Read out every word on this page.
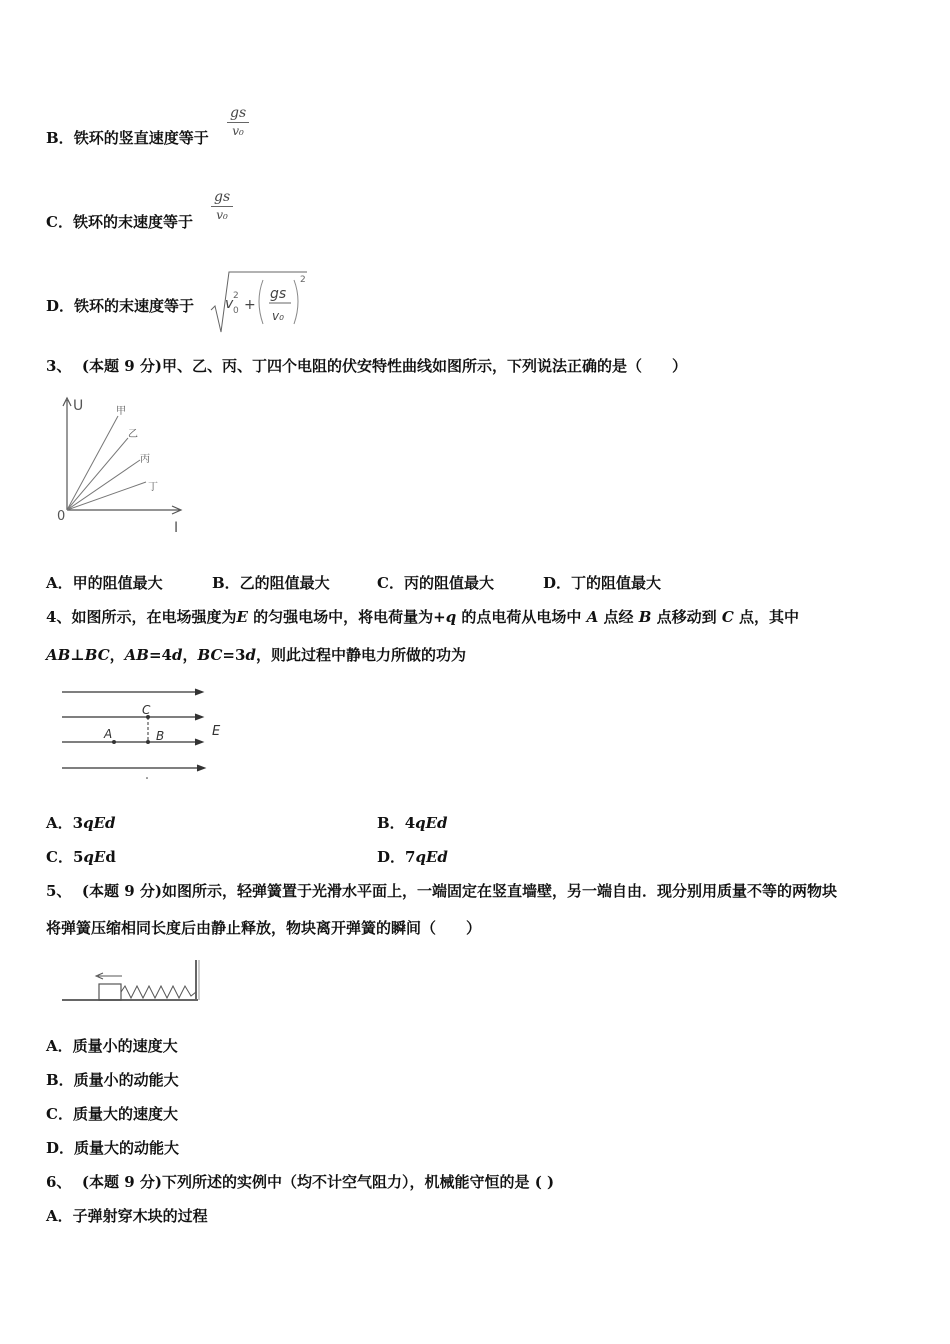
B．铁环的竖直速度等于 $\frac{gs}{\text{v₀}}$
C．铁环的末速度等于 $\frac{gs}{\text{v₀}}$
D．铁环的末速度等于 v 0
2
+
gs
v₀
2
3、 (本题 9 分)甲、乙、丙、丁四个电阻的伏安特性曲线如图所示，下列说法正确的是（　　）
U
I
0
甲
乙
丙
丁
A．甲的阻值最大	B．乙的阻值最大	C．丙的阻值最大	D．丁的阻值最大
4、如图所示，在电场强度为E 的匀强电场中，将电荷量为+q 的点电荷从电场中 A 点经 B 点移动到 C 点，其中
AB⊥BC，AB=4d，BC=3d，则此过程中静电力所做的功为
A	B
C
E
A．3qEd	B．4qEd
C．5qEd	D．7qEd
5、 (本题 9 分)如图所示，轻弹簧置于光滑水平面上，一端固定在竖直墙壁，另一端自由．现分别用质量不等的两物块
将弹簧压缩相同长度后由静止释放，物块离开弹簧的瞬间（　　）
A．质量小的速度大
B．质量小的动能大
C．质量大的速度大
D．质量大的动能大
6、 (本题 9 分)下列所述的实例中（均不计空气阻力），机械能守恒的是 ( )
A．子弹射穿木块的过程
